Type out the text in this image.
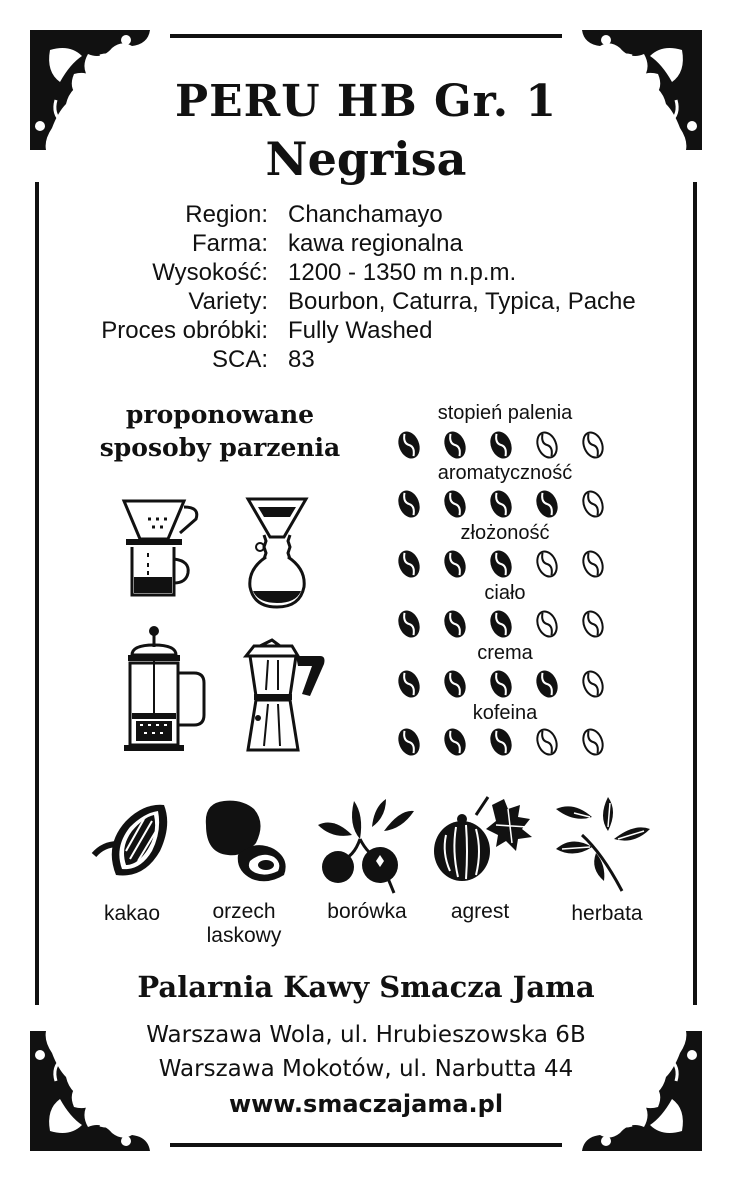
PERU HB Gr. 1
Negrisa
Region: Chanchamayo
Farma: kawa regionalna
Wysokość: 1200 - 1350 m n.p.m.
Variety: Bourbon, Caturra, Typica, Pache
Proces obróbki: Fully Washed
SCA: 83
proponowane
sposoby parzenia
stopień palenia
aromatyczność
złożoność
ciało
crema
kofeina
kakao	orzech
laskowy
borówka	agrest	herbata
Palarnia Kawy Smacza Jama
Warszawa Wola, ul. Hrubieszowska 6B
Warszawa Mokotów, ul. Narbutta 44
www.smaczajama.pl
